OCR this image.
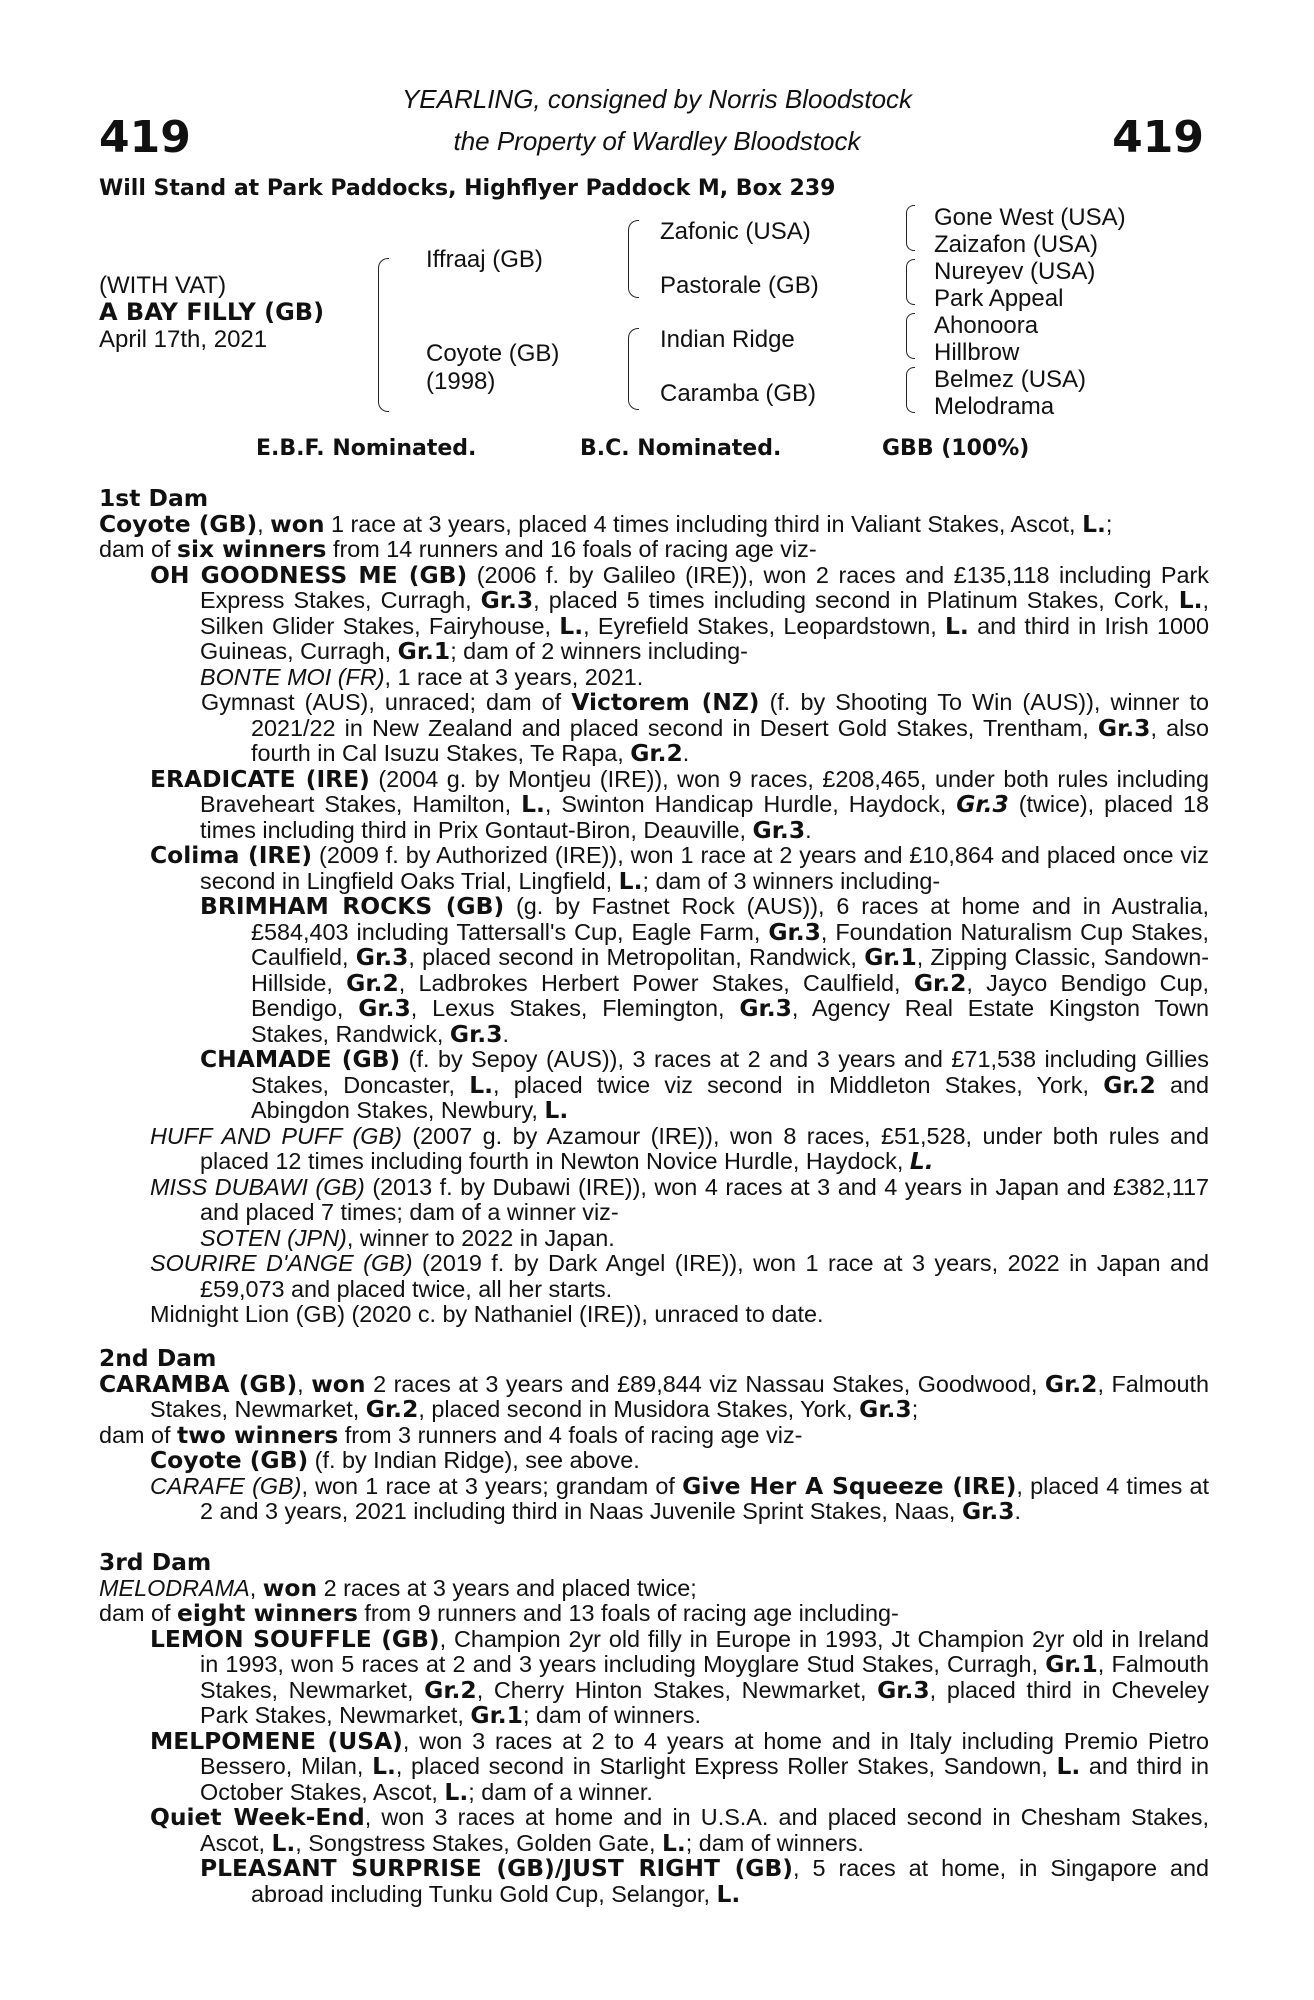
419	419
YEARLING, consigned by Norris Bloodstock
the Property of Wardley Bloodstock
Will Stand at Park Paddocks, Highflyer Paddock M, Box 239
(WITH VAT)
A BAY FILLY (GB)
April 17th, 2021
Iffraaj (GB)
Coyote (GB)
(1998)
Zafonic (USA)
Pastorale (GB)
Indian Ridge
Caramba (GB)
Gone West (USA)
Zaizafon (USA)
Nureyev (USA)
Park Appeal
Ahonoora
Hillbrow
Belmez (USA)
Melodrama
E.B.F. Nominated.	B.C. Nominated.	GBB (100%)

1st Dam

Coyote (GB), won 1 race at 3 years, placed 4 times including third in Valiant Stakes, Ascot, L.;
dam of six winners from 14 runners and 16 foals of racing age viz-

OH GOODNESS ME (GB) (2006 f. by Galileo (IRE)), won 2 races and £135,118 including Park Express Stakes, Curragh, Gr.3, placed 5 times including second in Platinum Stakes, Cork, L., Silken Glider Stakes, Fairyhouse, L., Eyrefield Stakes, Leopardstown, L. and third in Irish 1000 Guineas, Curragh, Gr.1; dam of 2 winners including-

BONTE MOI (FR), 1 race at 3 years, 2021.

Gymnast (AUS), unraced; dam of Victorem (NZ) (f. by Shooting To Win (AUS)), winner to 2021/22 in New Zealand and placed second in Desert Gold Stakes, Trentham, Gr.3, also fourth in Cal Isuzu Stakes, Te Rapa, Gr.2.

ERADICATE (IRE) (2004 g. by Montjeu (IRE)), won 9 races, £208,465, under both rules including Braveheart Stakes, Hamilton, L., Swinton Handicap Hurdle, Haydock, Gr.3 (twice), placed 18 times including third in Prix Gontaut-Biron, Deauville, Gr.3.

Colima (IRE) (2009 f. by Authorized (IRE)), won 1 race at 2 years and £10,864 and placed once viz second in Lingfield Oaks Trial, Lingfield, L.; dam of 3 winners including-

BRIMHAM ROCKS (GB) (g. by Fastnet Rock (AUS)), 6 races at home and in Australia, £584,403 including Tattersall's Cup, Eagle Farm, Gr.3, Foundation Naturalism Cup Stakes, Caulfield, Gr.3, placed second in Metropolitan, Randwick, Gr.1, Zipping Classic, Sandown-Hillside, Gr.2, Ladbrokes Herbert Power Stakes, Caulfield, Gr.2, Jayco Bendigo Cup, Bendigo, Gr.3, Lexus Stakes, Flemington, Gr.3, Agency Real Estate Kingston Town Stakes, Randwick, Gr.3.

CHAMADE (GB) (f. by Sepoy (AUS)), 3 races at 2 and 3 years and £71,538 including Gillies Stakes, Doncaster, L., placed twice viz second in Middleton Stakes, York, Gr.2 and Abingdon Stakes, Newbury, L.

HUFF AND PUFF (GB) (2007 g. by Azamour (IRE)), won 8 races, £51,528, under both rules and placed 12 times including fourth in Newton Novice Hurdle, Haydock, L.

MISS DUBAWI (GB) (2013 f. by Dubawi (IRE)), won 4 races at 3 and 4 years in Japan and £382,117 and placed 7 times; dam of a winner viz-

SOTEN (JPN), winner to 2022 in Japan.

SOURIRE D'ANGE (GB) (2019 f. by Dark Angel (IRE)), won 1 race at 3 years, 2022 in Japan and £59,073 and placed twice, all her starts.

Midnight Lion (GB) (2020 c. by Nathaniel (IRE)), unraced to date.

2nd Dam

CARAMBA (GB), won 2 races at 3 years and £89,844 viz Nassau Stakes, Goodwood, Gr.2, Falmouth Stakes, Newmarket, Gr.2, placed second in Musidora Stakes, York, Gr.3;

dam of two winners from 3 runners and 4 foals of racing age viz-

Coyote (GB) (f. by Indian Ridge), see above.

CARAFE (GB), won 1 race at 3 years; grandam of Give Her A Squeeze (IRE), placed 4 times at 2 and 3 years, 2021 including third in Naas Juvenile Sprint Stakes, Naas, Gr.3.

3rd Dam

MELODRAMA, won 2 races at 3 years and placed twice;

dam of eight winners from 9 runners and 13 foals of racing age including-

LEMON SOUFFLE (GB), Champion 2yr old filly in Europe in 1993, Jt Champion 2yr old in Ireland in 1993, won 5 races at 2 and 3 years including Moyglare Stud Stakes, Curragh, Gr.1, Falmouth Stakes, Newmarket, Gr.2, Cherry Hinton Stakes, Newmarket, Gr.3, placed third in Cheveley Park Stakes, Newmarket, Gr.1; dam of winners.

MELPOMENE (USA), won 3 races at 2 to 4 years at home and in Italy including Premio Pietro Bessero, Milan, L., placed second in Starlight Express Roller Stakes, Sandown, L. and third in October Stakes, Ascot, L.; dam of a winner.

Quiet Week-End, won 3 races at home and in U.S.A. and placed second in Chesham Stakes, Ascot, L., Songstress Stakes, Golden Gate, L.; dam of winners.

PLEASANT SURPRISE (GB)/JUST RIGHT (GB), 5 races at home, in Singapore and abroad including Tunku Gold Cup, Selangor, L.
